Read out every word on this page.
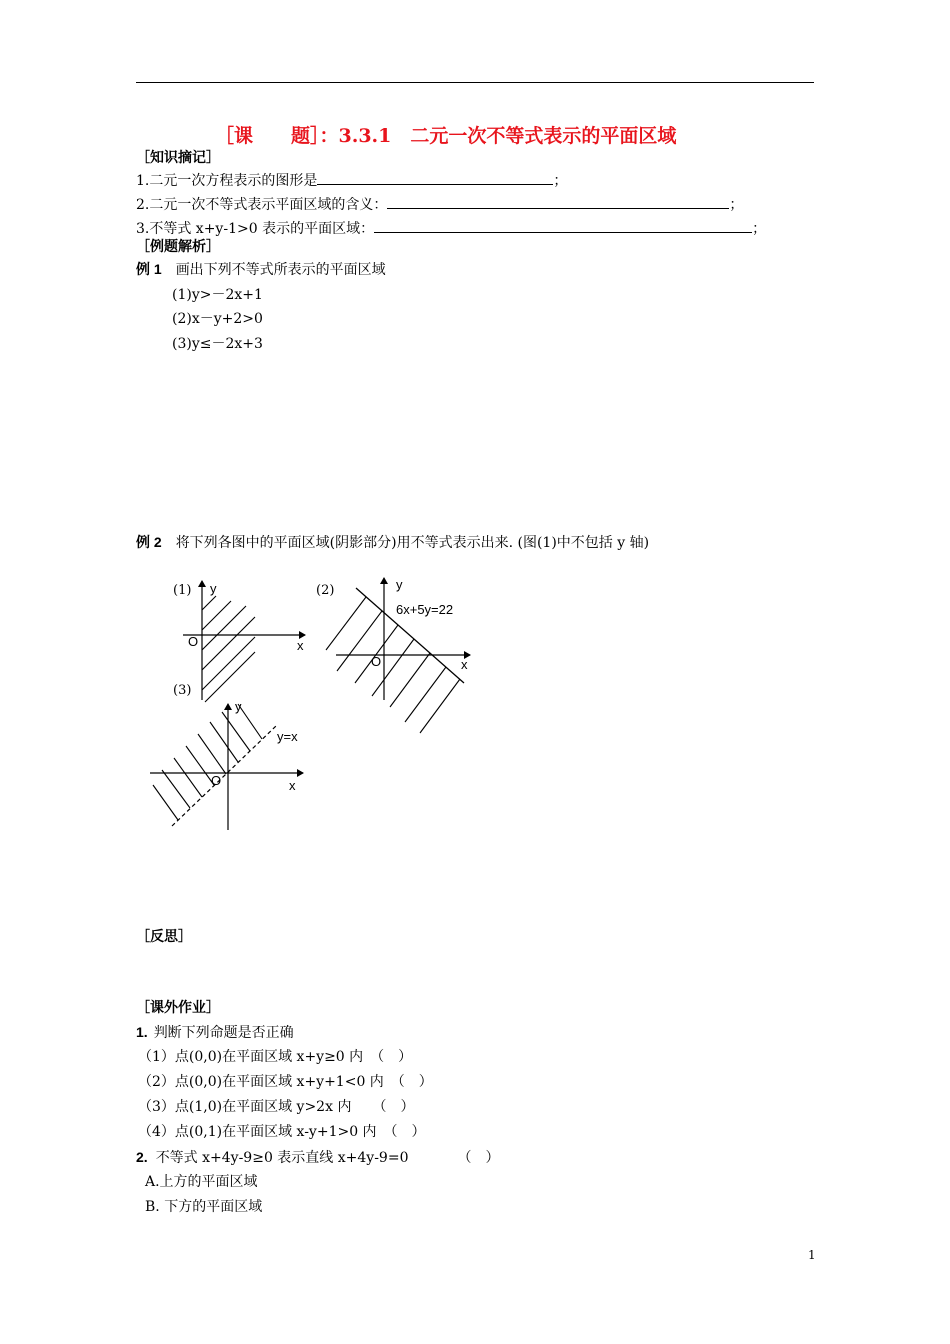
［课　　题］：3.3.1　二元一次不等式表示的平面区域
［知识摘记］
1.二元一次方程表示的图形是	；
2.二元一次不等式表示平面区域的含义：	；
3.不等式 x+y-1>0 表示的平面区域：	；
［例题解析］
例 1 画出下列不等式所表示的平面区域
(1)y>－2x+1
(2)x－y+2>0
(3)y≤－2x+3
例 2 将下列各图中的平面区域(阴影部分)用不等式表示出来. (图(1)中不包括 y 轴)
(1) y
x
O
(2)	y
6x+5y=22
x
O
(3)
y
y=x
x
O
［反思］
［课外作业］
1. 判断下列命题是否正确
（1）点(0,0)在平面区域 x+y≥0 内　（　）
（2）点(0,0)在平面区域 x+y+1<0 内　（　）
（3）点(1,0)在平面区域 y>2x 内　　（　）
（4）点(0,1)在平面区域 x-y+1>0 内　（　）
2. 不等式 x+4y-9≥0 表示直线 x+4y-9=0　　　　（　）
A.上方的平面区域
B. 下方的平面区域
1
